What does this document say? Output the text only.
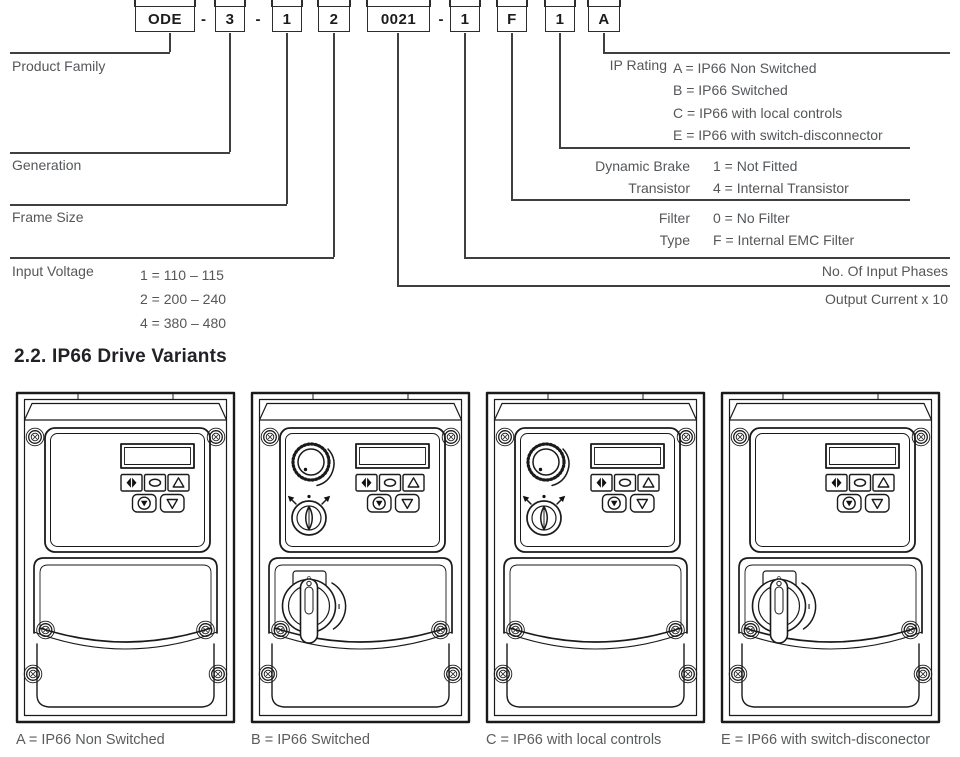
ODE	-	3	-	1	2	0021	-	1	F	1	A
Product Family
Generation
Frame Size
Input Voltage	1 = 110 – 115
2 = 200 – 240
4 = 380 – 480
IP Rating A = IP66 Non Switched
B = IP66 Switched
C = IP66 with local controls
E = IP66 with switch-disconnector
Dynamic Brake
Transistor
1 = Not Fitted
4 = Internal Transistor
Filter
Type
0 = No Filter
F = Internal EMC Filter
No. Of Input Phases
Output Current x 10
2.2. IP66 Drive Variants
A = IP66 Non Switched
I
B = IP66 Switched	C = IP66 with local controls
I
E = IP66 with switch-disconector
